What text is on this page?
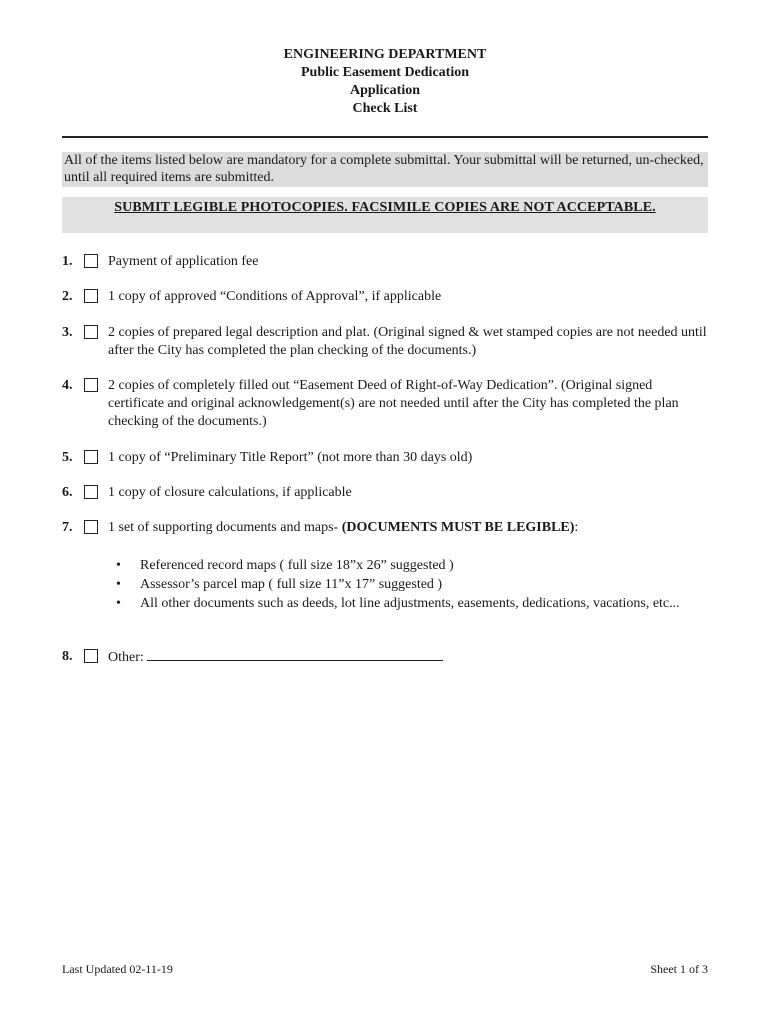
ENGINEERING DEPARTMENT
Public Easement Dedication
Application
Check List
All of the items listed below are mandatory for a complete submittal. Your submittal will be returned, un-checked, until all required items are submitted.
SUBMIT LEGIBLE PHOTOCOPIES. FACSIMILE COPIES ARE NOT ACCEPTABLE.
1.	Payment of application fee
2.	1 copy of approved “Conditions of Approval”, if applicable
3.	2 copies of prepared legal description and plat. (Original signed & wet stamped copies are not needed until after the City has completed the plan checking of the documents.)
4.	2 copies of completely filled out “Easement Deed of Right-of-Way Dedication”. (Original signed certificate and original acknowledgement(s) are not needed until after the City has completed the plan checking of the documents.)
5.	1 copy of “Preliminary Title Report” (not more than 30 days old)
6.	1 copy of closure calculations, if applicable
7.	1 set of supporting documents and maps- (DOCUMENTS MUST BE LEGIBLE):
• Referenced record maps ( full size 18”x 26” suggested )
• Assessor’s parcel map ( full size 11”x 17” suggested )
• All other documents such as deeds, lot line adjustments, easements, dedications, vacations, etc...
8.	Other:
Last Updated 02-11-19	Sheet 1 of 3
